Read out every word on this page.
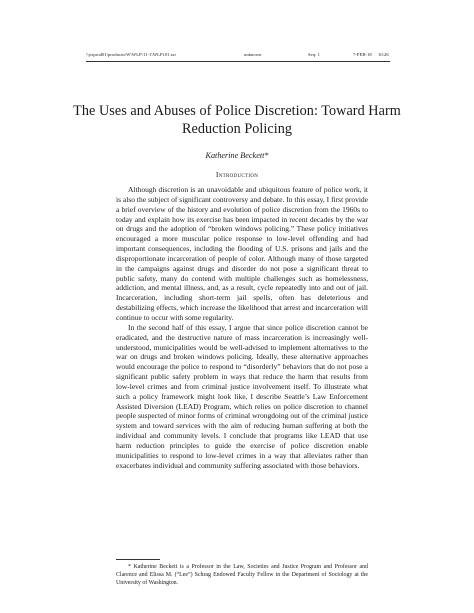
\\jciprod01\productn\W\WLP\11-1\WLP101.txt	unknown	Seq: 1	7-FEB-18 10:26
The Uses and Abuses of Police Discretion: Toward Harm Reduction Policing
Katherine Beckett*
Introduction

Although discretion is an unavoidable and ubiquitous feature of police work, it is also the subject of significant controversy and debate. In this essay, I first provide a brief overview of the history and evolution of police discretion from the 1960s to today and explain how its exercise has been impacted in recent decades by the war on drugs and the adoption of “broken windows policing.” These policy initiatives encouraged a more muscular police response to low-level offending and had important consequences, including the flooding of U.S. prisons and jails and the disproportionate incarceration of people of color. Although many of those targeted in the campaigns against drugs and disorder do not pose a significant threat to public safety, many do contend with multiple challenges such as homelessness, addiction, and mental illness, and, as a result, cycle repeatedly into and out of jail. Incarceration, including short-term jail spells, often has deleterious and destabilizing effects, which increase the likelihood that arrest and incarceration will continue to occur with some regularity.

In the second half of this essay, I argue that since police discretion cannot be eradicated, and the destructive nature of mass incarceration is increasingly well-understood, municipalities would be well-advised to implement alternatives to the war on drugs and broken windows policing. Ideally, these alternative approaches would encourage the police to respond to “disorderly” behaviors that do not pose a significant public safety problem in ways that reduce the harm that results from low-level crimes and from criminal justice involvement itself. To illustrate what such a policy framework might look like, I describe Seattle’s Law Enforcement Assisted Diversion (LEAD) Program, which relies on police discretion to channel people suspected of minor forms of criminal wrongdoing out of the criminal justice system and toward services with the aim of reducing human suffering at both the individual and community levels. I conclude that programs like LEAD that use harm reduction principles to guide the exercise of police discretion enable municipalities to respond to low-level crimes in a way that alleviates rather than exacerbates individual and community suffering associated with those behaviors.

* Katherine Beckett is a Professor in the Law, Societies and Justice Program and Professor and Clarence and Elissa M. (“Lee”) Schrag Endowed Faculty Fellow in the Department of Sociology at the University of Washington.
